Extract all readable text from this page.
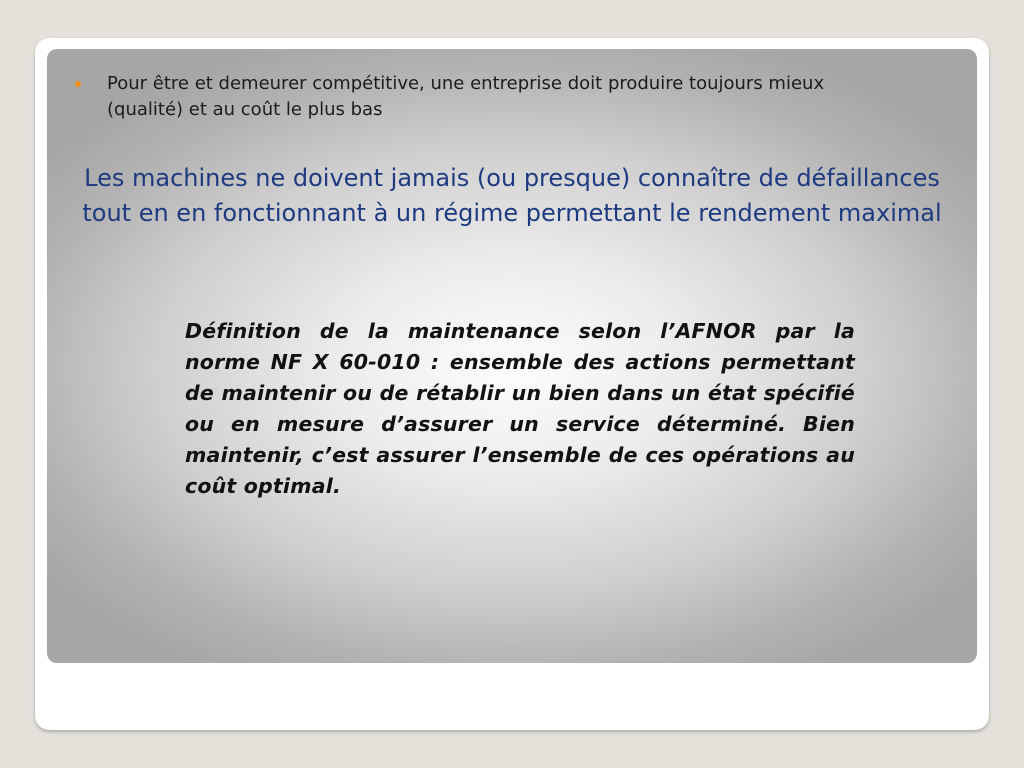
Pour être et demeurer compétitive, une entreprise doit produire toujours mieux (qualité) et au coût le plus bas
Les machines ne doivent jamais (ou presque) connaître de défaillances tout en en fonctionnant à un régime permettant le rendement maximal
Définition de la maintenance selon l’AFNOR par la norme NF X 60-010 : ensemble des actions permettant de maintenir ou de rétablir un bien dans un état spécifié ou en mesure d’assurer un service déterminé. Bien maintenir, c’est assurer l’ensemble de ces opérations au coût optimal.
